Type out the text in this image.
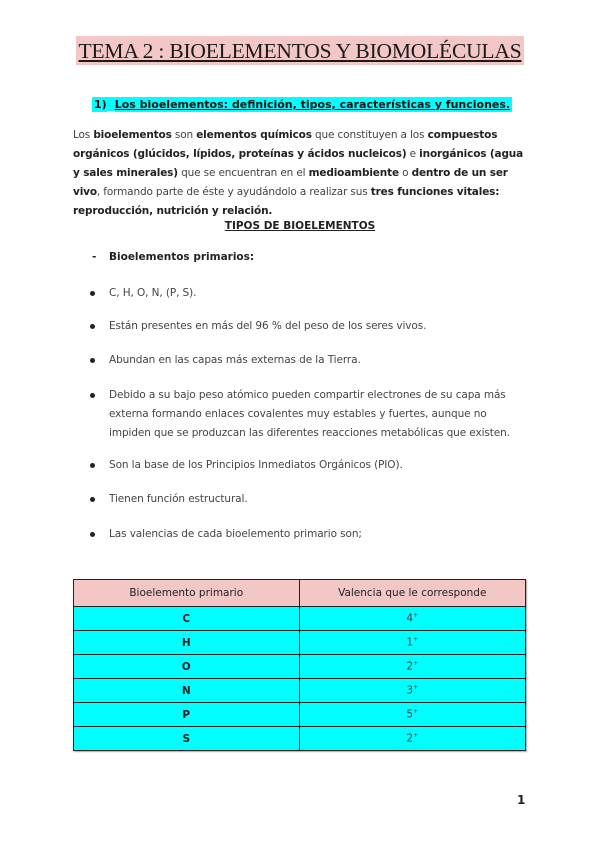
TEMA 2 : BIOELEMENTOS Y BIOMOLÉCULAS
1) Los bioelementos: definición, tipos, características y funciones.
Los bioelementos son elementos químicos que constituyen a los compuestos orgánicos (glúcidos, lípidos, proteínas y ácidos nucleicos) e inorgánicos (agua y sales minerales) que se encuentran en el medioambiente o dentro de un ser vivo, formando parte de éste y ayudándolo a realizar sus tres funciones vitales: reproducción, nutrición y relación.
TIPOS DE BIOELEMENTOS
- Bioelementos primarios:
C, H, O, N, (P, S).
Están presentes en más del 96 % del peso de los seres vivos.
Abundan en las capas más externas de la Tierra.
Debido a su bajo peso atómico pueden compartir electrones de su capa más externa formando enlaces covalentes muy estables y fuertes, aunque no impiden que se produzcan las diferentes reacciones metabólicas que existen.
Son la base de los Principios Inmediatos Orgánicos (PIO).
Tienen función estructural.
Las valencias de cada bioelemento primario son;
Bioelemento primario	Valencia que le corresponde
C	4+
H	1+
O	2+
N	3+
P	5+
S	2+
1
